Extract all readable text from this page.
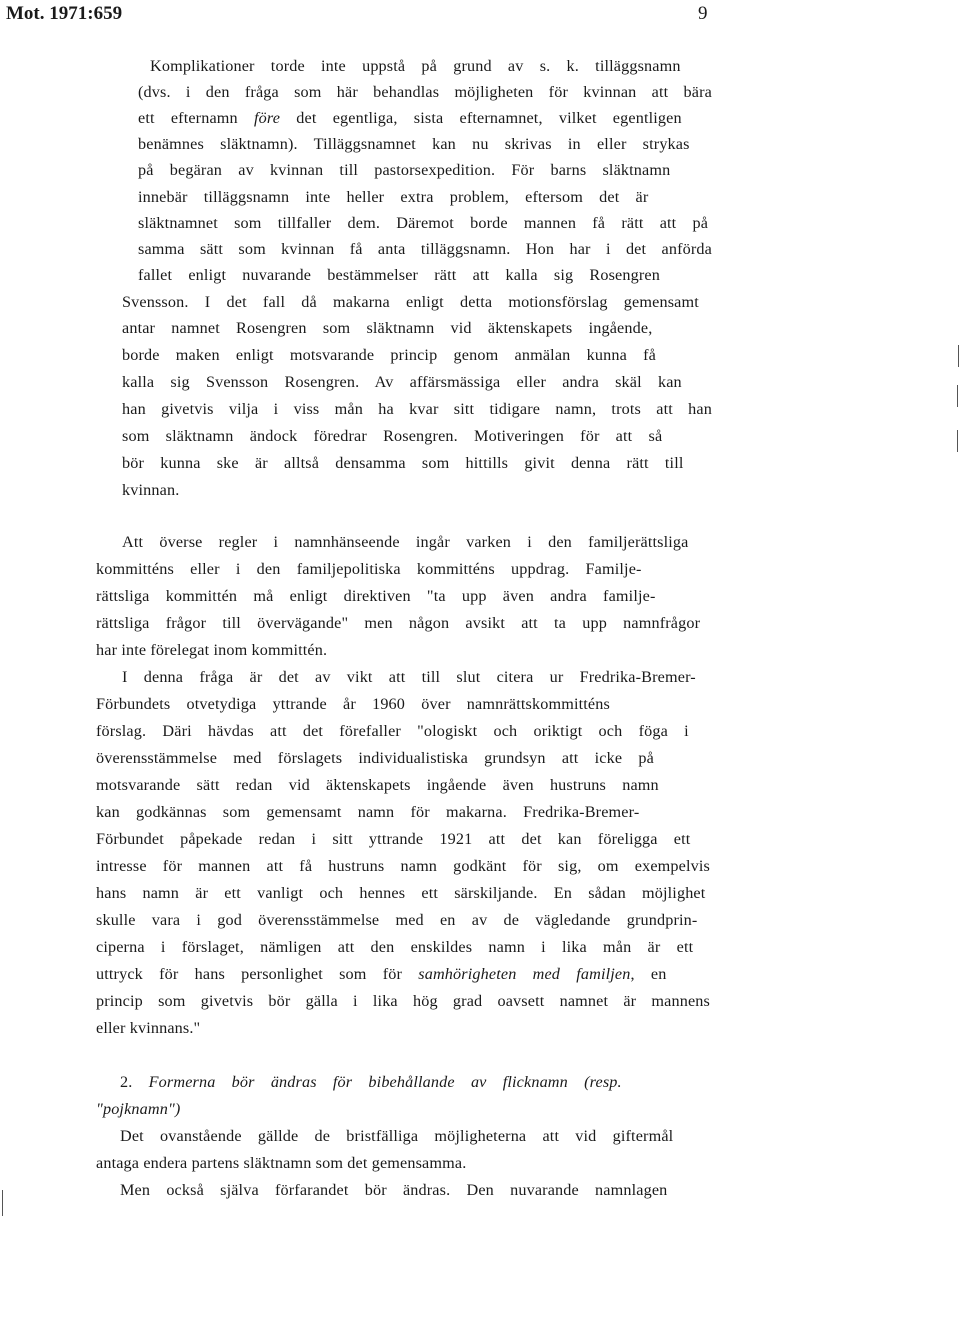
Mot. 1971:659	9
Komplikationer torde inte uppstå på grund av s. k. tilläggsnamn
(dvs. i den fråga som här behandlas möjligheten för kvinnan att bära
ett efternamn före det egentliga, sista efternamnet, vilket egentligen
benämnes släktnamn). Tilläggsnamnet kan nu skrivas in eller strykas
på begäran av kvinnan till pastorsexpedition. För barns släktnamn
innebär tilläggsnamn inte heller extra problem, eftersom det är
släktnamnet som tillfaller dem. Däremot borde mannen få rätt att på
samma sätt som kvinnan få anta tilläggsnamn. Hon har i det anförda
fallet enligt nuvarande bestämmelser rätt att kalla sig Rosengren
Svensson. I det fall då makarna enligt detta motionsförslag gemensamt
antar namnet Rosengren som släktnamn vid äktenskapets ingående,
borde maken enligt motsvarande princip genom anmälan kunna få
kalla sig Svensson Rosengren. Av affärsmässiga eller andra skäl kan
han givetvis vilja i viss mån ha kvar sitt tidigare namn, trots att han
som släktnamn ändock föredrar Rosengren. Motiveringen för att så
bör kunna ske är alltså densamma som hittills givit denna rätt till
kvinnan.
Att överse regler i namnhänseende ingår varken i den familjerättsliga
kommitténs eller i den familjepolitiska kommitténs uppdrag. Familje-
rättsliga kommittén må enligt direktiven "ta upp även andra familje-
rättsliga frågor till övervägande" men någon avsikt att ta upp namnfrågor
har inte förelegat inom kommittén.
I denna fråga är det av vikt att till slut citera ur Fredrika-Bremer-
Förbundets otvetydiga yttrande år 1960 över namnrättskommitténs
förslag. Däri hävdas att det förefaller "ologiskt och oriktigt och föga i
överensstämmelse med förslagets individualistiska grundsyn att icke på
motsvarande sätt redan vid äktenskapets ingående även hustruns namn
kan godkännas som gemensamt namn för makarna. Fredrika-Bremer-
Förbundet påpekade redan i sitt yttrande 1921 att det kan föreligga ett
intresse för mannen att få hustruns namn godkänt för sig, om exempelvis
hans namn är ett vanligt och hennes ett särskiljande. En sådan möjlighet
skulle vara i god överensstämmelse med en av de vägledande grundprin-
ciperna i förslaget, nämligen att den enskildes namn i lika mån är ett
uttryck för hans personlighet som för samhörigheten med familjen, en
princip som givetvis bör gälla i lika hög grad oavsett namnet är mannens
eller kvinnans."
2. Formerna bör ändras för bibehållande av flicknamn (resp.
"pojknamn")
Det ovanstående gällde de bristfälliga möjligheterna att vid giftermål
antaga endera partens släktnamn som det gemensamma.
Men också själva förfarandet bör ändras. Den nuvarande namnlagen
